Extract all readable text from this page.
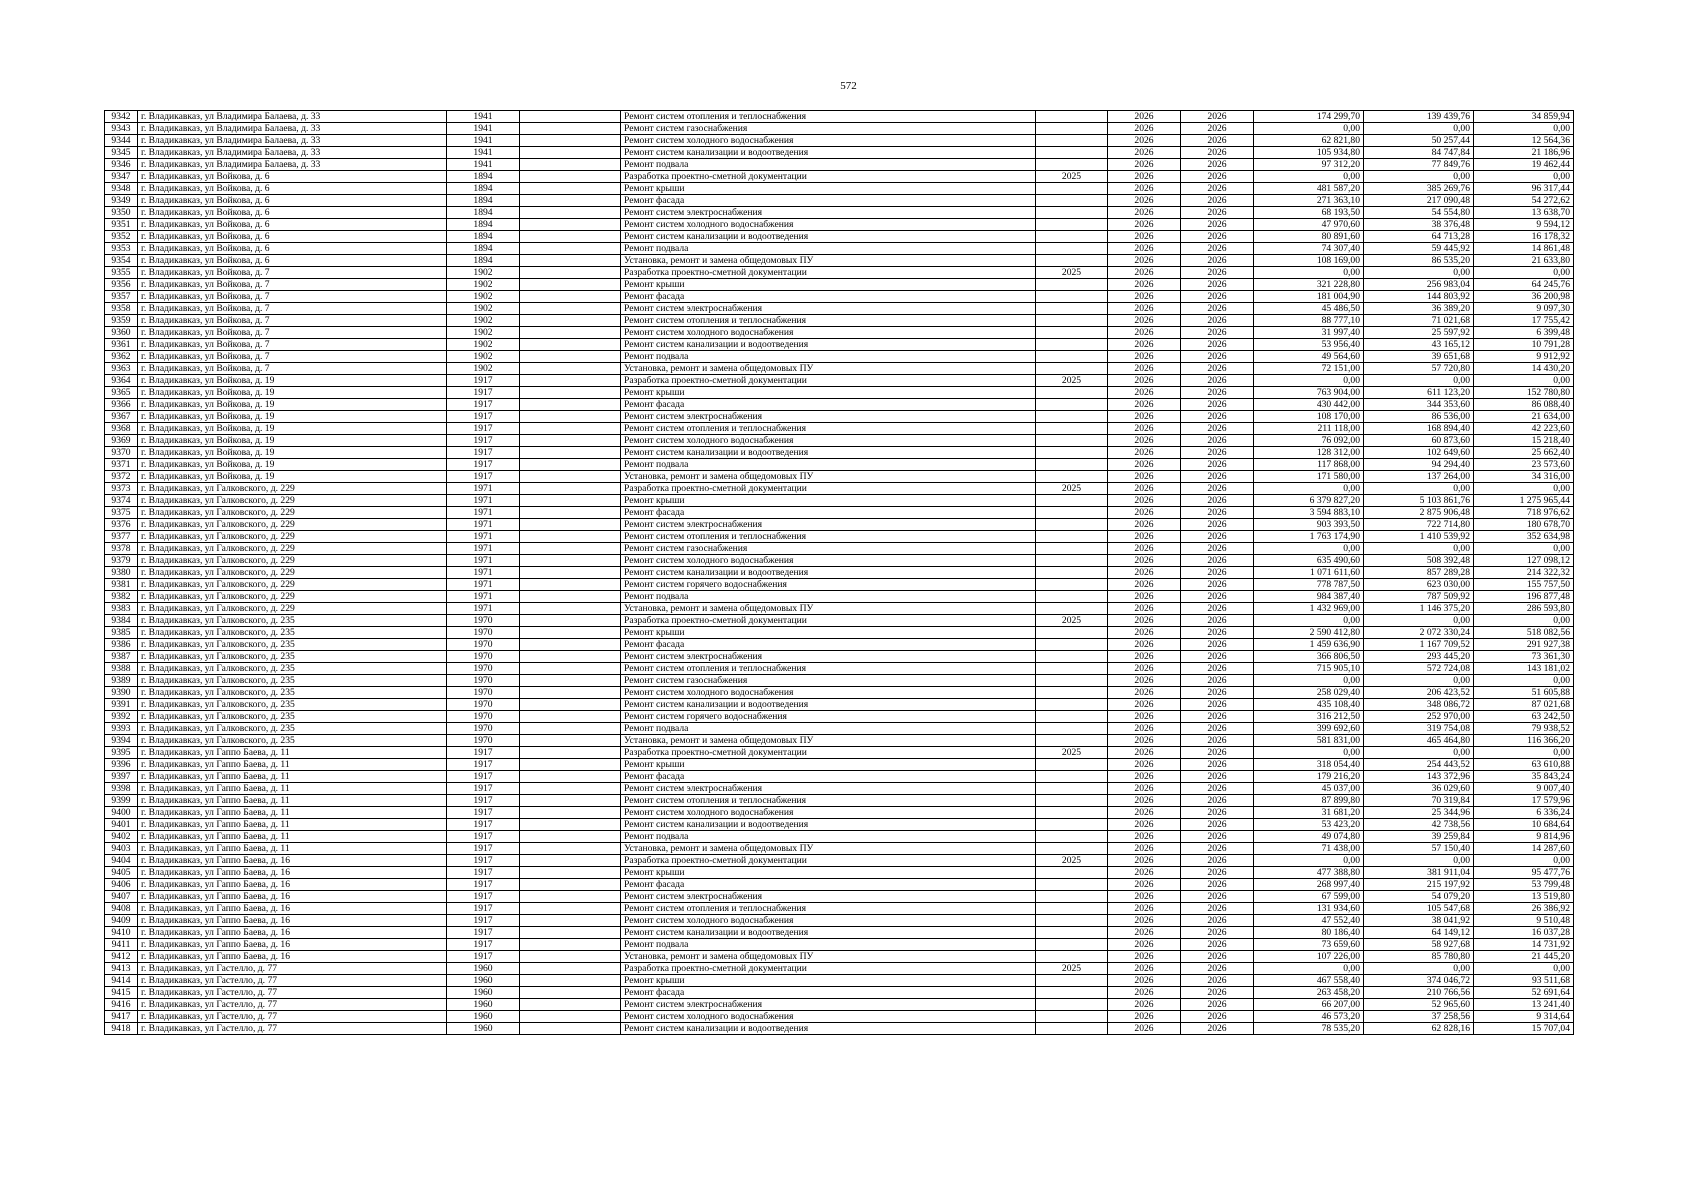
572
9342	г. Владикавказ, ул Владимира Балаева, д. 33	1941		Ремонт систем отопления и теплоснабжения		2026	2026	174 299,70	139 439,76	34 859,94
9343	г. Владикавказ, ул Владимира Балаева, д. 33	1941		Ремонт систем газоснабжения		2026	2026	0,00	0,00	0,00
9344	г. Владикавказ, ул Владимира Балаева, д. 33	1941		Ремонт систем холодного водоснабжения		2026	2026	62 821,80	50 257,44	12 564,36
9345	г. Владикавказ, ул Владимира Балаева, д. 33	1941		Ремонт систем канализации и водоотведения		2026	2026	105 934,80	84 747,84	21 186,96
9346	г. Владикавказ, ул Владимира Балаева, д. 33	1941		Ремонт подвала		2026	2026	97 312,20	77 849,76	19 462,44
9347	г. Владикавказ, ул Войкова, д. 6	1894		Разработка проектно-сметной документации	2025	2026	2026	0,00	0,00	0,00
9348	г. Владикавказ, ул Войкова, д. 6	1894		Ремонт крыши		2026	2026	481 587,20	385 269,76	96 317,44
9349	г. Владикавказ, ул Войкова, д. 6	1894		Ремонт фасада		2026	2026	271 363,10	217 090,48	54 272,62
9350	г. Владикавказ, ул Войкова, д. 6	1894		Ремонт систем электроснабжения		2026	2026	68 193,50	54 554,80	13 638,70
9351	г. Владикавказ, ул Войкова, д. 6	1894		Ремонт систем холодного водоснабжения		2026	2026	47 970,60	38 376,48	9 594,12
9352	г. Владикавказ, ул Войкова, д. 6	1894		Ремонт систем канализации и водоотведения		2026	2026	80 891,60	64 713,28	16 178,32
9353	г. Владикавказ, ул Войкова, д. 6	1894		Ремонт подвала		2026	2026	74 307,40	59 445,92	14 861,48
9354	г. Владикавказ, ул Войкова, д. 6	1894		Установка, ремонт и замена общедомовых ПУ		2026	2026	108 169,00	86 535,20	21 633,80
9355	г. Владикавказ, ул Войкова, д. 7	1902		Разработка проектно-сметной документации	2025	2026	2026	0,00	0,00	0,00
9356	г. Владикавказ, ул Войкова, д. 7	1902		Ремонт крыши		2026	2026	321 228,80	256 983,04	64 245,76
9357	г. Владикавказ, ул Войкова, д. 7	1902		Ремонт фасада		2026	2026	181 004,90	144 803,92	36 200,98
9358	г. Владикавказ, ул Войкова, д. 7	1902		Ремонт систем электроснабжения		2026	2026	45 486,50	36 389,20	9 097,30
9359	г. Владикавказ, ул Войкова, д. 7	1902		Ремонт систем отопления и теплоснабжения		2026	2026	88 777,10	71 021,68	17 755,42
9360	г. Владикавказ, ул Войкова, д. 7	1902		Ремонт систем холодного водоснабжения		2026	2026	31 997,40	25 597,92	6 399,48
9361	г. Владикавказ, ул Войкова, д. 7	1902		Ремонт систем канализации и водоотведения		2026	2026	53 956,40	43 165,12	10 791,28
9362	г. Владикавказ, ул Войкова, д. 7	1902		Ремонт подвала		2026	2026	49 564,60	39 651,68	9 912,92
9363	г. Владикавказ, ул Войкова, д. 7	1902		Установка, ремонт и замена общедомовых ПУ		2026	2026	72 151,00	57 720,80	14 430,20
9364	г. Владикавказ, ул Войкова, д. 19	1917		Разработка проектно-сметной документации	2025	2026	2026	0,00	0,00	0,00
9365	г. Владикавказ, ул Войкова, д. 19	1917		Ремонт крыши		2026	2026	763 904,00	611 123,20	152 780,80
9366	г. Владикавказ, ул Войкова, д. 19	1917		Ремонт фасада		2026	2026	430 442,00	344 353,60	86 088,40
9367	г. Владикавказ, ул Войкова, д. 19	1917		Ремонт систем электроснабжения		2026	2026	108 170,00	86 536,00	21 634,00
9368	г. Владикавказ, ул Войкова, д. 19	1917		Ремонт систем отопления и теплоснабжения		2026	2026	211 118,00	168 894,40	42 223,60
9369	г. Владикавказ, ул Войкова, д. 19	1917		Ремонт систем холодного водоснабжения		2026	2026	76 092,00	60 873,60	15 218,40
9370	г. Владикавказ, ул Войкова, д. 19	1917		Ремонт систем канализации и водоотведения		2026	2026	128 312,00	102 649,60	25 662,40
9371	г. Владикавказ, ул Войкова, д. 19	1917		Ремонт подвала		2026	2026	117 868,00	94 294,40	23 573,60
9372	г. Владикавказ, ул Войкова, д. 19	1917		Установка, ремонт и замена общедомовых ПУ		2026	2026	171 580,00	137 264,00	34 316,00
9373	г. Владикавказ, ул Галковского, д. 229	1971		Разработка проектно-сметной документации	2025	2026	2026	0,00	0,00	0,00
9374	г. Владикавказ, ул Галковского, д. 229	1971		Ремонт крыши		2026	2026	6 379 827,20	5 103 861,76	1 275 965,44
9375	г. Владикавказ, ул Галковского, д. 229	1971		Ремонт фасада		2026	2026	3 594 883,10	2 875 906,48	718 976,62
9376	г. Владикавказ, ул Галковского, д. 229	1971		Ремонт систем электроснабжения		2026	2026	903 393,50	722 714,80	180 678,70
9377	г. Владикавказ, ул Галковского, д. 229	1971		Ремонт систем отопления и теплоснабжения		2026	2026	1 763 174,90	1 410 539,92	352 634,98
9378	г. Владикавказ, ул Галковского, д. 229	1971		Ремонт систем газоснабжения		2026	2026	0,00	0,00	0,00
9379	г. Владикавказ, ул Галковского, д. 229	1971		Ремонт систем холодного водоснабжения		2026	2026	635 490,60	508 392,48	127 098,12
9380	г. Владикавказ, ул Галковского, д. 229	1971		Ремонт систем канализации и водоотведения		2026	2026	1 071 611,60	857 289,28	214 322,32
9381	г. Владикавказ, ул Галковского, д. 229	1971		Ремонт систем горячего водоснабжения		2026	2026	778 787,50	623 030,00	155 757,50
9382	г. Владикавказ, ул Галковского, д. 229	1971		Ремонт подвала		2026	2026	984 387,40	787 509,92	196 877,48
9383	г. Владикавказ, ул Галковского, д. 229	1971		Установка, ремонт и замена общедомовых ПУ		2026	2026	1 432 969,00	1 146 375,20	286 593,80
9384	г. Владикавказ, ул Галковского, д. 235	1970		Разработка проектно-сметной документации	2025	2026	2026	0,00	0,00	0,00
9385	г. Владикавказ, ул Галковского, д. 235	1970		Ремонт крыши		2026	2026	2 590 412,80	2 072 330,24	518 082,56
9386	г. Владикавказ, ул Галковского, д. 235	1970		Ремонт фасада		2026	2026	1 459 636,90	1 167 709,52	291 927,38
9387	г. Владикавказ, ул Галковского, д. 235	1970		Ремонт систем электроснабжения		2026	2026	366 806,50	293 445,20	73 361,30
9388	г. Владикавказ, ул Галковского, д. 235	1970		Ремонт систем отопления и теплоснабжения		2026	2026	715 905,10	572 724,08	143 181,02
9389	г. Владикавказ, ул Галковского, д. 235	1970		Ремонт систем газоснабжения		2026	2026	0,00	0,00	0,00
9390	г. Владикавказ, ул Галковского, д. 235	1970		Ремонт систем холодного водоснабжения		2026	2026	258 029,40	206 423,52	51 605,88
9391	г. Владикавказ, ул Галковского, д. 235	1970		Ремонт систем канализации и водоотведения		2026	2026	435 108,40	348 086,72	87 021,68
9392	г. Владикавказ, ул Галковского, д. 235	1970		Ремонт систем горячего водоснабжения		2026	2026	316 212,50	252 970,00	63 242,50
9393	г. Владикавказ, ул Галковского, д. 235	1970		Ремонт подвала		2026	2026	399 692,60	319 754,08	79 938,52
9394	г. Владикавказ, ул Галковского, д. 235	1970		Установка, ремонт и замена общедомовых ПУ		2026	2026	581 831,00	465 464,80	116 366,20
9395	г. Владикавказ, ул Гаппо Баева, д. 11	1917		Разработка проектно-сметной документации	2025	2026	2026	0,00	0,00	0,00
9396	г. Владикавказ, ул Гаппо Баева, д. 11	1917		Ремонт крыши		2026	2026	318 054,40	254 443,52	63 610,88
9397	г. Владикавказ, ул Гаппо Баева, д. 11	1917		Ремонт фасада		2026	2026	179 216,20	143 372,96	35 843,24
9398	г. Владикавказ, ул Гаппо Баева, д. 11	1917		Ремонт систем электроснабжения		2026	2026	45 037,00	36 029,60	9 007,40
9399	г. Владикавказ, ул Гаппо Баева, д. 11	1917		Ремонт систем отопления и теплоснабжения		2026	2026	87 899,80	70 319,84	17 579,96
9400	г. Владикавказ, ул Гаппо Баева, д. 11	1917		Ремонт систем холодного водоснабжения		2026	2026	31 681,20	25 344,96	6 336,24
9401	г. Владикавказ, ул Гаппо Баева, д. 11	1917		Ремонт систем канализации и водоотведения		2026	2026	53 423,20	42 738,56	10 684,64
9402	г. Владикавказ, ул Гаппо Баева, д. 11	1917		Ремонт подвала		2026	2026	49 074,80	39 259,84	9 814,96
9403	г. Владикавказ, ул Гаппо Баева, д. 11	1917		Установка, ремонт и замена общедомовых ПУ		2026	2026	71 438,00	57 150,40	14 287,60
9404	г. Владикавказ, ул Гаппо Баева, д. 16	1917		Разработка проектно-сметной документации	2025	2026	2026	0,00	0,00	0,00
9405	г. Владикавказ, ул Гаппо Баева, д. 16	1917		Ремонт крыши		2026	2026	477 388,80	381 911,04	95 477,76
9406	г. Владикавказ, ул Гаппо Баева, д. 16	1917		Ремонт фасада		2026	2026	268 997,40	215 197,92	53 799,48
9407	г. Владикавказ, ул Гаппо Баева, д. 16	1917		Ремонт систем электроснабжения		2026	2026	67 599,00	54 079,20	13 519,80
9408	г. Владикавказ, ул Гаппо Баева, д. 16	1917		Ремонт систем отопления и теплоснабжения		2026	2026	131 934,60	105 547,68	26 386,92
9409	г. Владикавказ, ул Гаппо Баева, д. 16	1917		Ремонт систем холодного водоснабжения		2026	2026	47 552,40	38 041,92	9 510,48
9410	г. Владикавказ, ул Гаппо Баева, д. 16	1917		Ремонт систем канализации и водоотведения		2026	2026	80 186,40	64 149,12	16 037,28
9411	г. Владикавказ, ул Гаппо Баева, д. 16	1917		Ремонт подвала		2026	2026	73 659,60	58 927,68	14 731,92
9412	г. Владикавказ, ул Гаппо Баева, д. 16	1917		Установка, ремонт и замена общедомовых ПУ		2026	2026	107 226,00	85 780,80	21 445,20
9413	г. Владикавказ, ул Гастелло, д. 77	1960		Разработка проектно-сметной документации	2025	2026	2026	0,00	0,00	0,00
9414	г. Владикавказ, ул Гастелло, д. 77	1960		Ремонт крыши		2026	2026	467 558,40	374 046,72	93 511,68
9415	г. Владикавказ, ул Гастелло, д. 77	1960		Ремонт фасада		2026	2026	263 458,20	210 766,56	52 691,64
9416	г. Владикавказ, ул Гастелло, д. 77	1960		Ремонт систем электроснабжения		2026	2026	66 207,00	52 965,60	13 241,40
9417	г. Владикавказ, ул Гастелло, д. 77	1960		Ремонт систем холодного водоснабжения		2026	2026	46 573,20	37 258,56	9 314,64
9418	г. Владикавказ, ул Гастелло, д. 77	1960		Ремонт систем канализации и водоотведения		2026	2026	78 535,20	62 828,16	15 707,04
